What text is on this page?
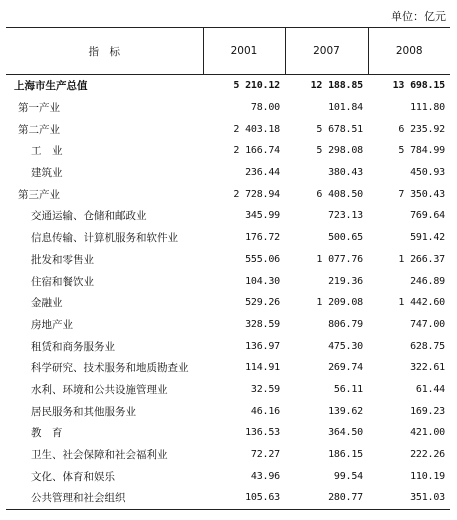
单位：亿元
指　标	2001	2007	2008
上海市生产总值	5 210.12	12 188.85	13 698.15
第一产业	78.00	101.84	111.80
第二产业	2 403.18	5 678.51	6 235.92
工　业	2 166.74	5 298.08	5 784.99
建筑业	236.44	380.43	450.93
第三产业	2 728.94	6 408.50	7 350.43
交通运输、仓储和邮政业	345.99	723.13	769.64
信息传输、计算机服务和软件业	176.72	500.65	591.42
批发和零售业	555.06	1 077.76	1 266.37
住宿和餐饮业	104.30	219.36	246.89
金融业	529.26	1 209.08	1 442.60
房地产业	328.59	806.79	747.00
租赁和商务服务业	136.97	475.30	628.75
科学研究、技术服务和地质勘查业	114.91	269.74	322.61
水利、环境和公共设施管理业	32.59	56.11	61.44
居民服务和其他服务业	46.16	139.62	169.23
教　育	136.53	364.50	421.00
卫生、社会保障和社会福利业	72.27	186.15	222.26
文化、体育和娱乐	43.96	99.54	110.19
公共管理和社会组织	105.63	280.77	351.03
